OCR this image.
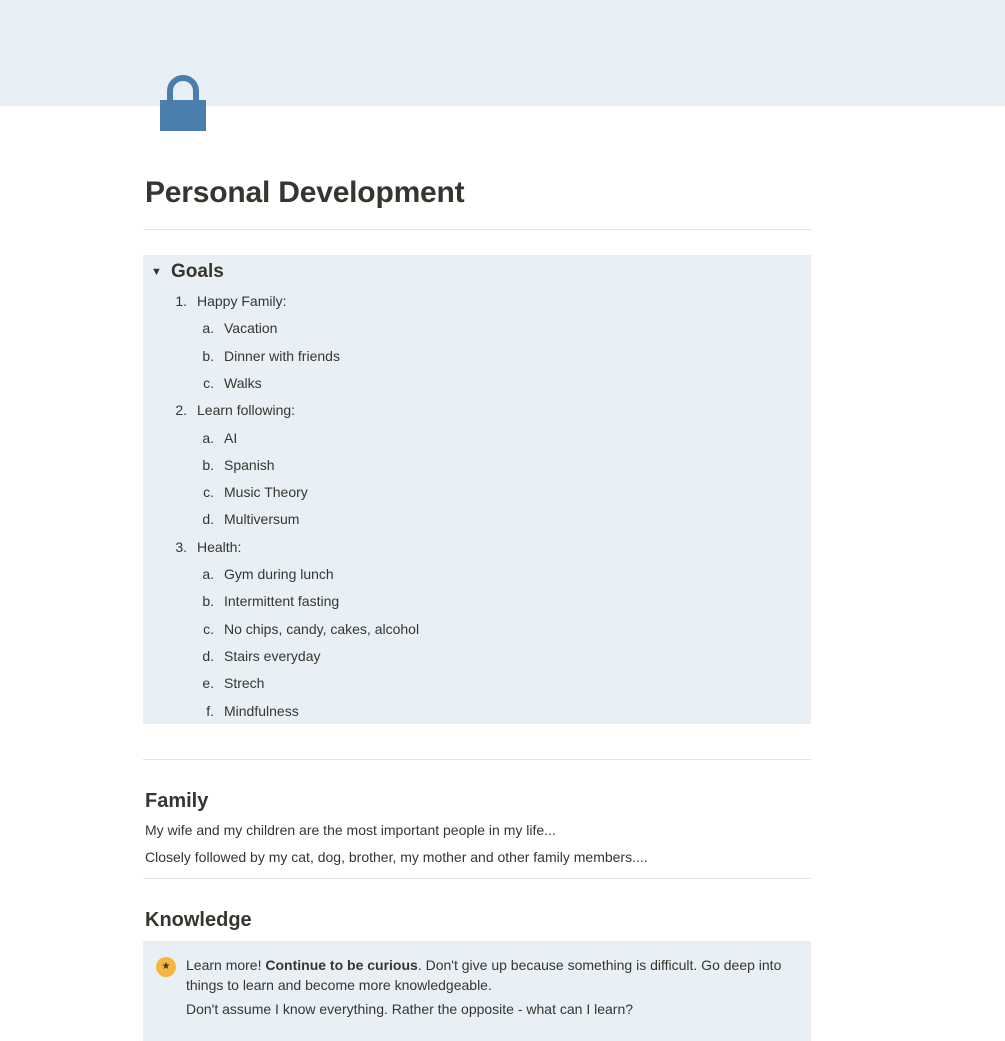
Personal Development
▼ Goals
1. Happy Family:
a. Vacation
b. Dinner with friends
c. Walks
2. Learn following:
a. AI
b. Spanish
c. Music Theory
d. Multiversum
3. Health:
a. Gym during lunch
b. Intermittent fasting
c. No chips, candy, cakes, alcohol
d. Stairs everyday
e. Strech
f. Mindfulness
Family

My wife and my children are the most important people in my life...

Closely followed by my cat, dog, brother, my mother and other family members....

Knowledge
★	Learn more! Continue to be curious. Don't give up because something is difficult. Go deep into things to learn and become more knowledgeable.

Don't assume I know everything. Rather the opposite - what can I learn?
